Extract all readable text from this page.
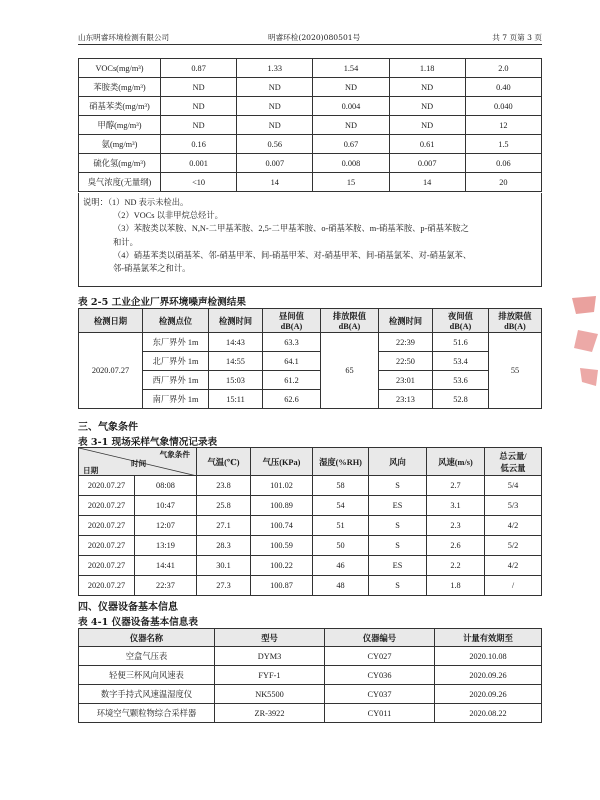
山东明睿环境检测有限公司	明睿环检(2020)080501号	共 7 页第 3 页
VOCs(mg/m³)	0.87	1.33	1.54	1.18	2.0
苯胺类(mg/m³)	ND	ND	ND	ND	0.40
硝基苯类(mg/m³)	ND	ND	0.004	ND	0.040
甲醇(mg/m³)	ND	ND	ND	ND	12
氨(mg/m³)	0.16	0.56	0.67	0.61	1.5
硫化氢(mg/m³)	0.001	0.007	0.008	0.007	0.06
臭气浓度(无量纲)	<10	14	15	14	20
说明：（1）ND 表示未检出。
（2）VOCs 以非甲烷总烃计。
（3）苯胺类以苯胺、N,N-二甲基苯胺、2,5-二甲基苯胺、o-硝基苯胺、m-硝基苯胺、p-硝基苯胺之
和计。
（4）硝基苯类以硝基苯、邻-硝基甲苯、间-硝基甲苯、对-硝基甲苯、间-硝基氯苯、对-硝基氯苯、
邻-硝基氯苯之和计。
表 2-5 工业企业厂界环境噪声检测结果
检测日期	检测点位	检测时间	昼间值
dB(A)	排放限值
dB(A)	检测时间	夜间值
dB(A)	排放限值
dB(A)
2020.07.27	东厂界外 1m	14:43	63.3	65	22:39	51.6	55
	北厂界外 1m	14:55	64.1		22:50	53.4	
	西厂界外 1m	15:03	61.2		23:01	53.6	
	南厂界外 1m	15:11	62.6		23:13	52.8	
三、气象条件
表 3-1 现场采样气象情况记录表
气象条件
时间
日期		气温(℃)	气压(KPa)	湿度(%RH)	风向	风速(m/s)	总云量/
低云量
2020.07.27	08:08	23.8	101.02	58	S	2.7	5/4
2020.07.27	10:47	25.8	100.89	54	ES	3.1	5/3
2020.07.27	12:07	27.1	100.74	51	S	2.3	4/2
2020.07.27	13:19	28.3	100.59	50	S	2.6	5/2
2020.07.27	14:41	30.1	100.22	46	ES	2.2	4/2
2020.07.27	22:37	27.3	100.87	48	S	1.8	/
四、仪器设备基本信息
表 4-1 仪器设备基本信息表
仪器名称	型号	仪器编号	计量有效期至
空盒气压表	DYM3	CY027	2020.10.08
轻便三杯风向风速表	FYF-1	CY036	2020.09.26
数字手持式风速温湿度仪	NK5500	CY037	2020.09.26
环境空气颗粒物综合采样器	ZR-3922	CY011	2020.08.22
